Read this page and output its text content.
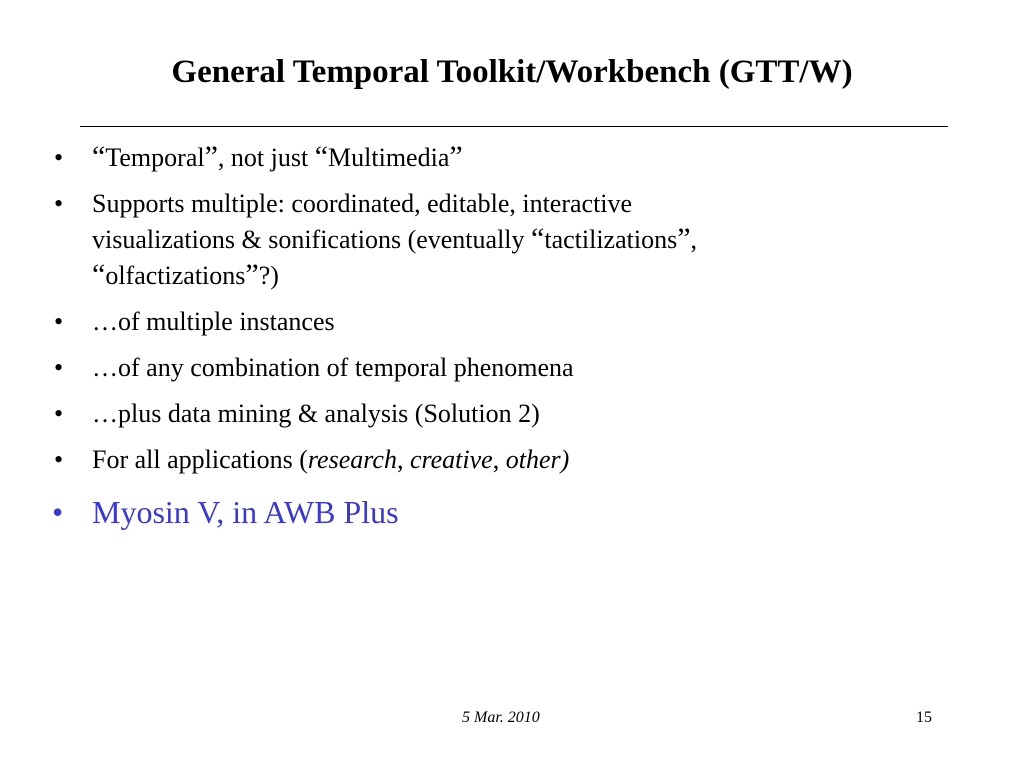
General Temporal Toolkit/Workbench (GTT/W)
• “Temporal”, not just “Multimedia”
• Supports multiple: coordinated, editable, interactive
visualizations & sonifications (eventually “tactilizations”,
“olfactizations”?)
• …of multiple instances
• …of any combination of temporal phenomena
• …plus data mining & analysis (Solution 2)
• For all applications (research, creative, other)
• Myosin V, in AWB Plus
5 Mar. 2010	15
